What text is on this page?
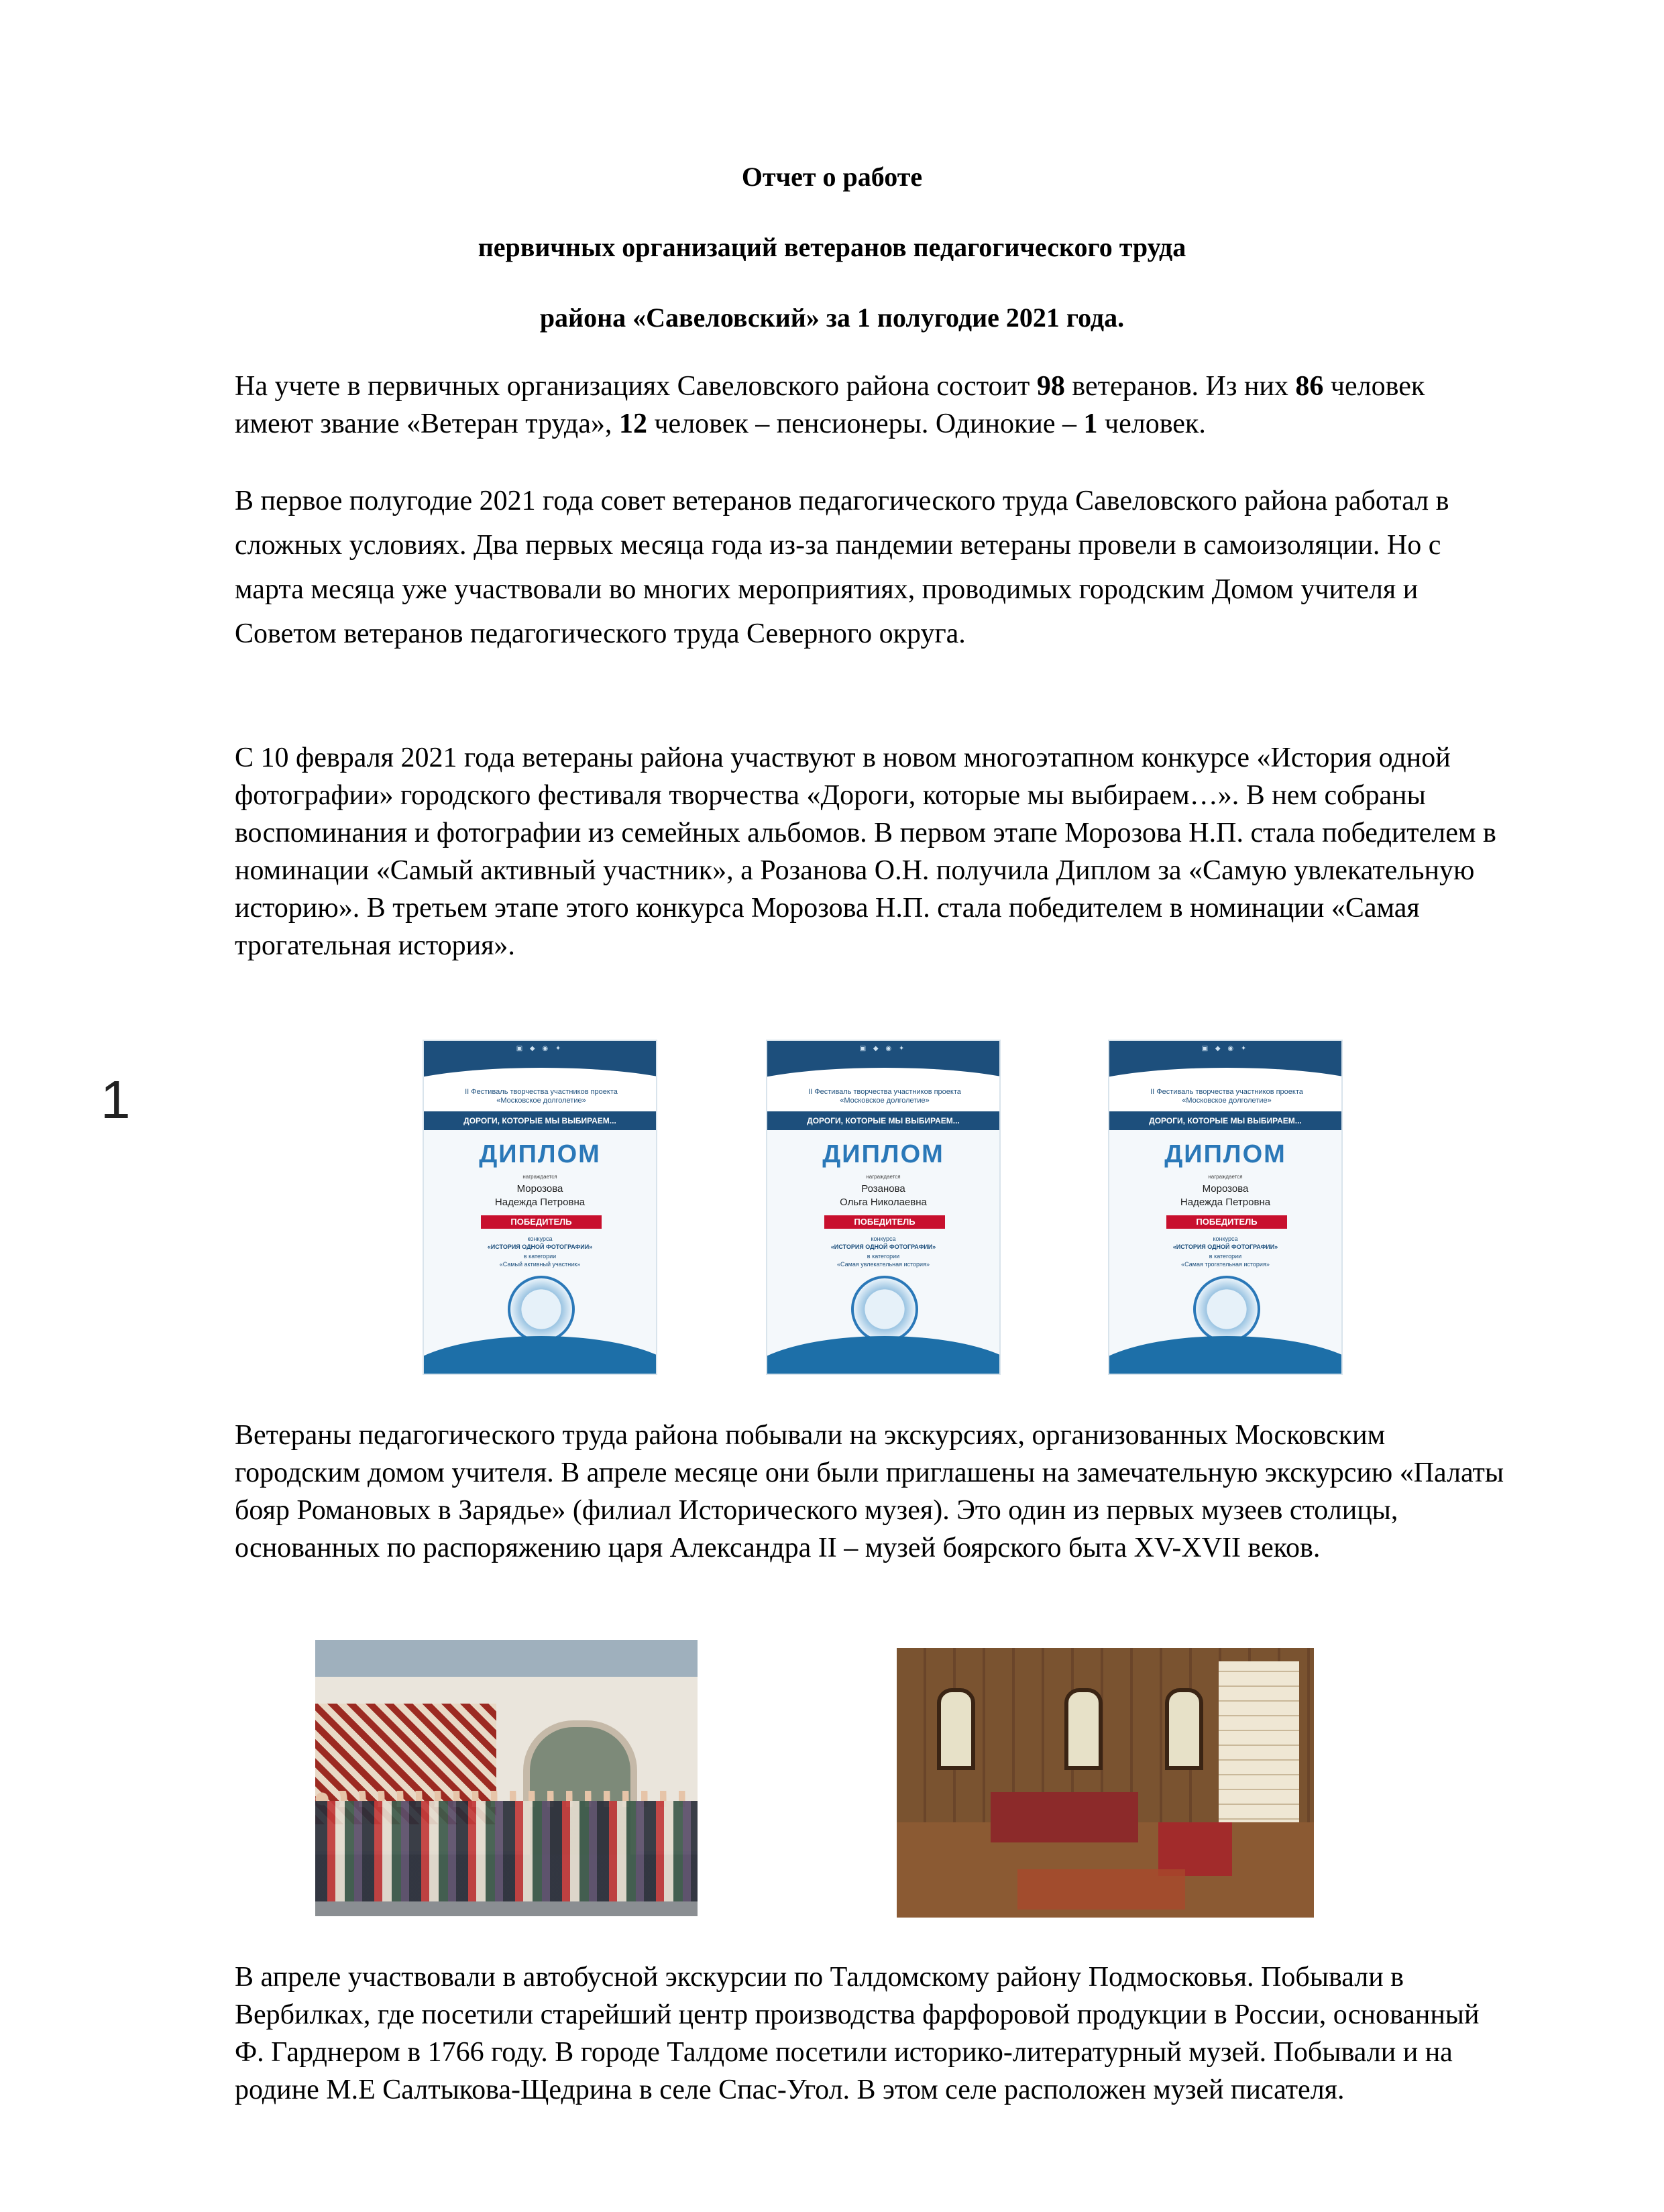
Отчет о работе
первичных организаций ветеранов педагогического труда
района «Савеловский» за 1 полугодие 2021 года.

На учете в первичных организациях Савеловского района состоит 98 ветеранов. Из них 86 человек имеют звание «Ветеран труда», 12 человек – пенсионеры. Одинокие – 1 человек.

В первое полугодие 2021 года совет ветеранов педагогического труда Савеловского района работал в сложных условиях. Два первых месяца года из-за пандемии ветераны провели в самоизоляции. Но с марта месяца уже участвовали во многих мероприятиях, проводимых городским Домом учителя и Советом ветеранов педагогического труда Северного округа.

С 10 февраля 2021 года ветераны района участвуют в новом многоэтапном конкурсе «История одной фотографии» городского фестиваля творчества «Дороги, которые мы выбираем…». В нем собраны воспоминания и фотографии из семейных альбомов. В первом этапе Морозова Н.П. стала победителем в номинации «Самый активный участник», а Розанова О.Н. получила Диплом за «Самую увлекательную историю». В третьем этапе этого конкурса Морозова Н.П. стала победителем в номинации «Самая трогательная история».

1
▣ ◆ ◉ ✦
II Фестиваль творчества участников проекта «Московское долголетие»
ДОРОГИ, КОТОРЫЕ МЫ ВЫБИРАЕМ...
ДИПЛОМ
награждается
Морозова
Надежда Петровна
ПОБЕДИТЕЛЬ
конкурса
«ИСТОРИЯ ОДНОЙ ФОТОГРАФИИ»
в категории
«Самый активный участник»
▣ ◆ ◉ ✦
II Фестиваль творчества участников проекта «Московское долголетие»
ДОРОГИ, КОТОРЫЕ МЫ ВЫБИРАЕМ...
ДИПЛОМ
награждается
Розанова
Ольга Николаевна
ПОБЕДИТЕЛЬ
конкурса
«ИСТОРИЯ ОДНОЙ ФОТОГРАФИИ»
в категории
«Самая увлекательная история»
▣ ◆ ◉ ✦
II Фестиваль творчества участников проекта «Московское долголетие»
ДОРОГИ, КОТОРЫЕ МЫ ВЫБИРАЕМ...
ДИПЛОМ
награждается
Морозова
Надежда Петровна
ПОБЕДИТЕЛЬ
конкурса
«ИСТОРИЯ ОДНОЙ ФОТОГРАФИИ»
в категории
«Самая трогательная история»

Ветераны педагогического труда района побывали на экскурсиях, организованных Московским городским домом учителя. В апреле месяце они были приглашены на замечательную экскурсию «Палаты бояр Романовых в Зарядье» (филиал Исторического музея). Это один из первых музеев столицы, основанных по распоряжению царя Александра II – музей боярского быта XV-XVII веков.

В апреле участвовали в автобусной экскурсии по Талдомскому району Подмосковья. Побывали в Вербилках, где посетили старейший центр производства фарфоровой продукции в России, основанный Ф. Гарднером в 1766 году. В городе Талдоме посетили историко-литературный музей. Побывали и на родине М.Е Салтыкова-Щедрина в селе Спас-Угол. В этом селе расположен музей писателя.
